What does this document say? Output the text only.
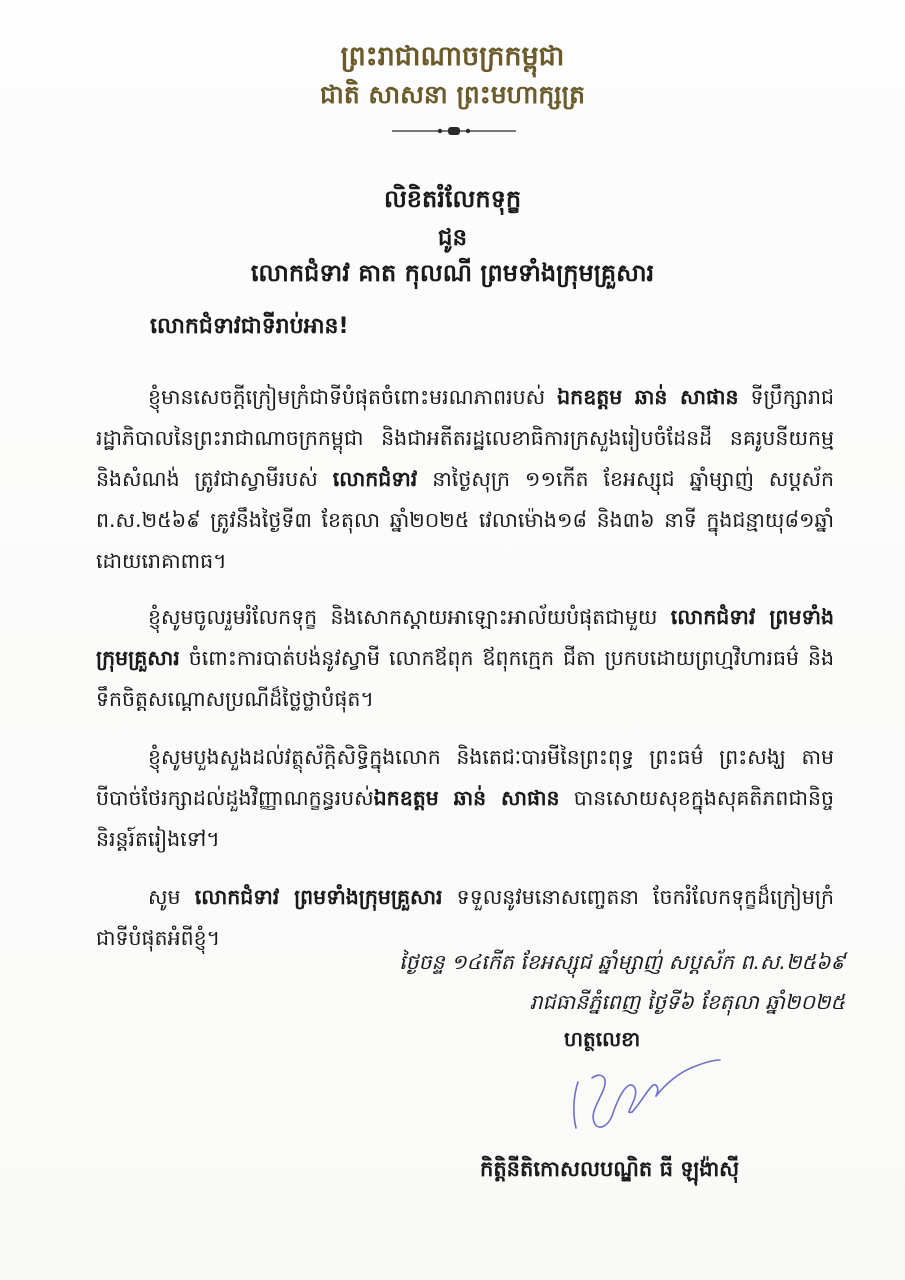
ព្រះរាជាណាចក្រកម្ពុជា
ជាតិ សាសនា ព្រះមហាក្សត្រ
លិខិតរំលែកទុក្ខ
ជូន
លោកជំទាវ គាត កុលណី ព្រមទាំងក្រុមគ្រួសារ
លោកជំទាវជាទីរាប់អាន!

ខ្ញុំមានសេចក្តីក្រៀមក្រំជាទីបំផុតចំពោះមរណភាពរបស់ ឯកឧត្តម ឆាន់ សាផាន ទីប្រឹក្សារាជរដ្ឋាភិបាលនៃព្រះរាជាណាចក្រកម្ពុជា និងជាអតីតរដ្ឋលេខាធិការក្រសួងរៀបចំដែនដី នគរូបនីយកម្ម និងសំណង់ ត្រូវជាស្វាមីរបស់ លោកជំទាវ នាថ្ងៃសុក្រ ១១កើត ខែអស្សុជ ឆ្នាំម្សាញ់ សប្តស័ក ព.ស.២៥៦៩ ត្រូវនឹងថ្ងៃទី៣ ខែតុលា ឆ្នាំ២០២៥ វេលាម៉ោង១៨ និង៣៦ នាទី ក្នុងជន្មាយុ៨១ឆ្នាំ ដោយរោគាពាធ។

ខ្ញុំសូមចូលរួមរំលែកទុក្ខ និងសោកស្តាយអាឡោះអាល័យបំផុតជាមួយ លោកជំទាវ ព្រមទាំងក្រុមគ្រួសារ ចំពោះការបាត់បង់នូវស្វាមី លោកឪពុក ឪពុកក្មេក ជីតា ប្រកបដោយព្រហ្មវិហារធម៌ និងទឹកចិត្តសណ្តោសប្រណីដ៏ថ្លៃថ្លាបំផុត។

ខ្ញុំសូមបួងសួងដល់វត្ថុស័ក្តិសិទ្ធិក្នុងលោក និងតេជៈបារមីនៃព្រះពុទ្ធ ព្រះធម៌ ព្រះសង្ឃ តាមបីបាច់ថែរក្សាដល់ដួងវិញ្ញាណក្ខន្ធរបស់ឯកឧត្តម ឆាន់ សាផាន បានសោយសុខក្នុងសុគតិភពជានិច្ចនិរន្តរ៍តរៀងទៅ។

សូម លោកជំទាវ ព្រមទាំងក្រុមគ្រួសារ ទទួលនូវមនោសញ្ចេតនា ចែករំលែកទុក្ខដ៏ក្រៀមក្រំជាទីបំផុតអំពីខ្ញុំ។

ថ្ងៃចន្ទ ១៤កើត ខែអស្សុជ ឆ្នាំម្សាញ់ សប្តស័ក ព.ស.២៥៦៩
រាជធានីភ្នំពេញ ថ្ងៃទី៦ ខែតុលា ឆ្នាំ២០២៥
ហត្ថលេខា
កិត្តិនីតិកោសលបណ្ឌិត ធី ឡុង៉ាស៊ី
